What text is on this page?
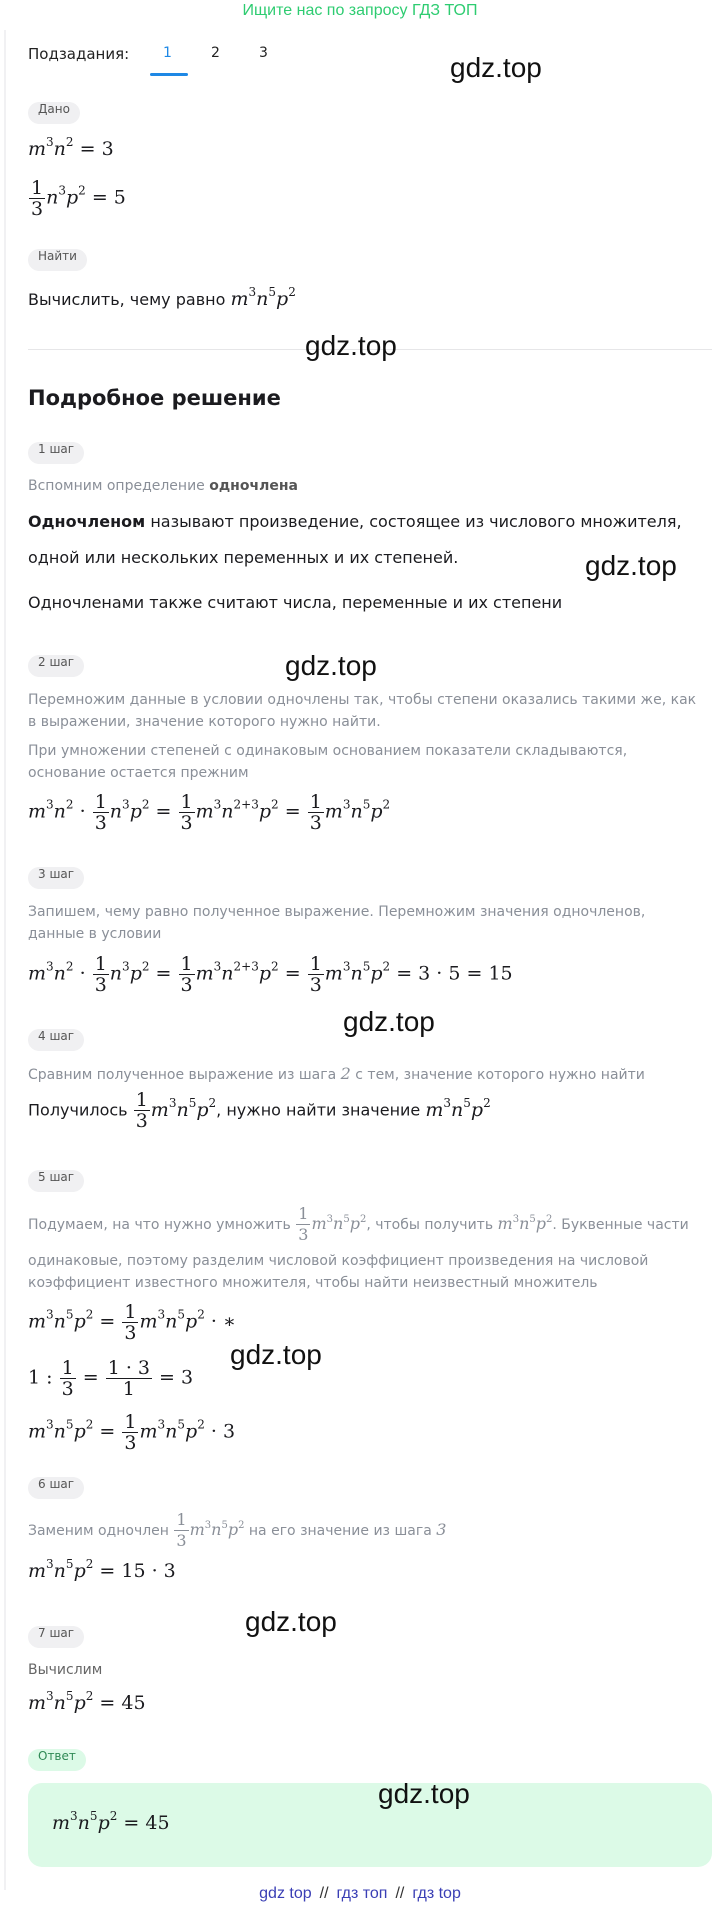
Ищите нас по запросу ГДЗ ТОП
Подзадания: 1	2	3
Дано
$m^3n^2 = 3$
$\frac{1}{3} n^3p^2 = 5$
Найти
Вычислить, чему равно $m^3n^5p^2$
Подробное решение
1 шаг
Вспомним определение одночлена
Одночленом называют произведение, состоящее из числового множителя,
одной или нескольких переменных и их степеней.
Одночленами также считают числа, переменные и их степени
2 шаг
Перемножим данные в условии одночлены так, чтобы степени оказались такими же, как
в выражении, значение которого нужно найти.
При умножении степеней с одинаковым основанием показатели складываются,
основание остается прежним
$m^3n^2 \cdot \frac{1}{3} n^3p^2 = \frac{1}{3} m^3n^{2+3}p^2 = \frac{1}{3} m^3n^5p^2$
3 шаг
Запишем, чему равно полученное выражение. Перемножим значения одночленов,
данные в условии
$m^3n^2 \cdot \frac{1}{3} n^3p^2 = \frac{1}{3} m^3n^{2+3}p^2 = \frac{1}{3} m^3n^5p^2 = 3 \cdot 5 = 15$
4 шаг
Сравним полученное выражение из шага 2 с тем, значение которого нужно найти
Получилось $\frac{1}{3} m^3n^5p^2$, нужно найти значение $m^3n^5p^2$
5 шаг
Подумаем, на что нужно умножить $\frac{1}{3} m^3n^5p^2$, чтобы получить $m^3n^5p^2$. Буквенные части
одинаковые, поэтому разделим числовой коэффициент произведения на числовой
коэффициент известного множителя, чтобы найти неизвестный множитель
$m^3n^5p^2 = \frac{1}{3} m^3n^5p^2$ · ∗
1 : $\frac{1}{3} = \frac{1 \cdot 3}{1} = 3$
$m^3n^5p^2 = \frac{1}{3} m^3n^5p^2 \cdot 3$
6 шаг
Заменим одночлен $\frac{1}{3} m^3n^5p^2$ на его значение из шага 3
$m^3n^5p^2 = 15 \cdot 3$
7 шаг
Вычислим
$m^3n^5p^2 = 45$
Ответ
$m^3n^5p^2 = 45$
gdz.top
gdz.top
gdz.top
gdz.top
gdz.top
gdz.top
gdz.top
gdz.top
gdz top // гдз топ // гдз top
